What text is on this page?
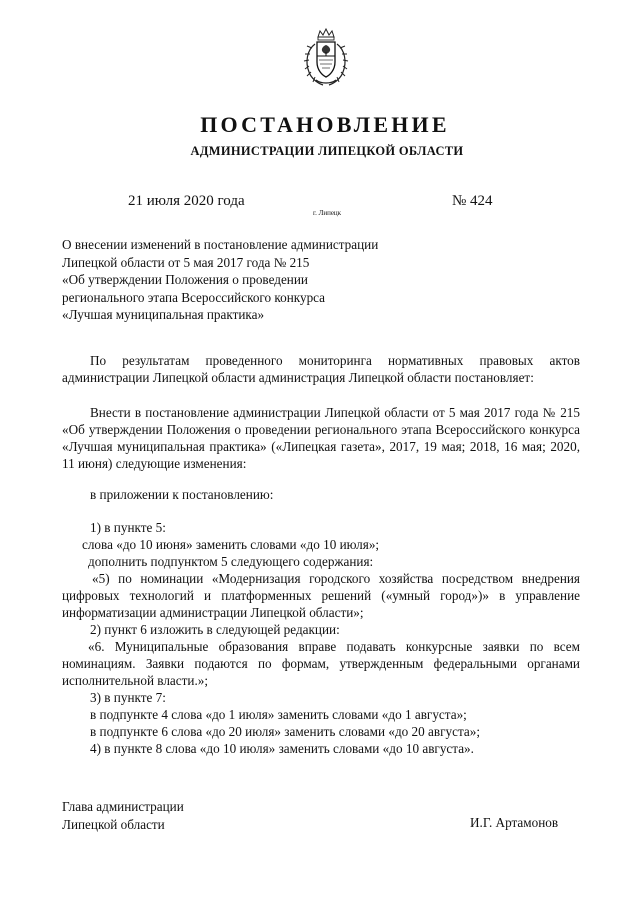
ПОСТАНОВЛЕНИЕ
АДМИНИСТРАЦИИ ЛИПЕЦКОЙ ОБЛАСТИ
21 июля 2020 года
г. Липецк
№ 424
О внесении изменений в постановление администрации
Липецкой области от 5 мая 2017 года № 215
«Об утверждении Положения о проведении
регионального этапа Всероссийского конкурса
«Лучшая муниципальная практика»

По результатам проведенного мониторинга нормативных правовых актов администрации Липецкой области администрация Липецкой области постановляет:

Внести в постановление администрации Липецкой области от 5 мая 2017 года № 215 «Об утверждении Положения о проведении регионального этапа Всероссийского конкурса «Лучшая муниципальная практика» («Липецкая газета», 2017, 19 мая; 2018, 16 мая; 2020, 11 июня) следующие изменения:

в приложении к постановлению:

1) в пункте 5:

слова «до 10 июня» заменить словами «до 10 июля»;

дополнить подпунктом 5 следующего содержания:

«5) по номинации «Модернизация городского хозяйства посредством внедрения цифровых технологий и платформенных решений («умный город»)» в управление информатизации администрации Липецкой области»;

2) пункт 6 изложить в следующей редакции:

«6. Муниципальные образования вправе подавать конкурсные заявки по всем номинациям. Заявки подаются по формам, утвержденным федеральными органами исполнительной власти.»;

3) в пункте 7:

в подпункте 4 слова «до 1 июля» заменить словами «до 1 августа»;

в подпункте 6 слова «до 20 июля» заменить словами «до 20 августа»;

4) в пункте 8 слова «до 10 июля» заменить словами «до 10 августа».

Глава администрации
Липецкой области	И.Г. Артамонов
